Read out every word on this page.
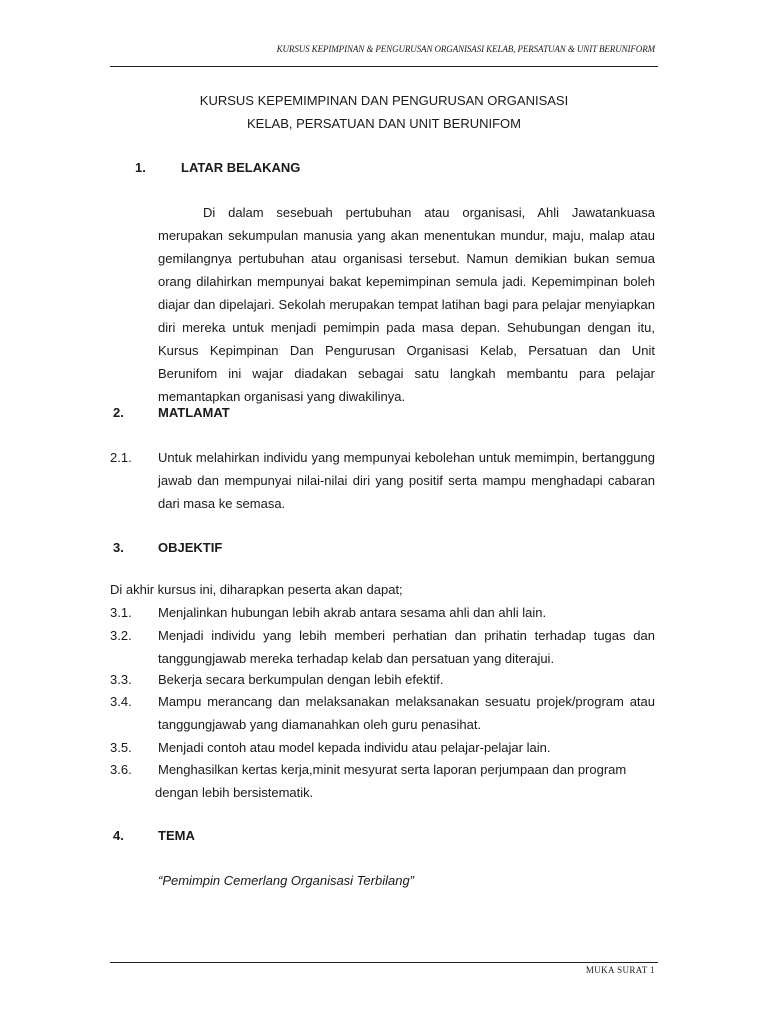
KURSUS KEPIMPINAN & PENGURUSAN ORGANISASI KELAB, PERSATUAN & UNIT BERUNIFORM
KURSUS KEPEMIMPINAN DAN PENGURUSAN ORGANISASI
KELAB, PERSATUAN DAN UNIT BERUNIFOM
1.	LATAR BELAKANG
Di dalam sesebuah pertubuhan atau organisasi, Ahli Jawatankuasa merupakan sekumpulan manusia yang akan menentukan mundur, maju, malap atau gemilangnya pertubuhan atau organisasi tersebut. Namun demikian bukan semua orang dilahirkan mempunyai bakat kepemimpinan semula jadi. Kepemimpinan boleh diajar dan dipelajari. Sekolah merupakan tempat latihan bagi para pelajar menyiapkan diri mereka untuk menjadi pemimpin pada masa depan. Sehubungan dengan itu, Kursus Kepimpinan Dan Pengurusan Organisasi Kelab, Persatuan dan Unit Berunifom ini wajar diadakan sebagai satu langkah membantu para pelajar memantapkan organisasi yang diwakilinya.
2.	MATLAMAT
2.1. Untuk melahirkan individu yang mempunyai kebolehan untuk memimpin, bertanggung jawab dan mempunyai nilai-nilai diri yang positif serta mampu menghadapi cabaran dari masa ke semasa.
3.	OBJEKTIF
Di akhir kursus ini, diharapkan peserta akan dapat;
3.1. Menjalinkan hubungan lebih akrab antara sesama ahli dan ahli lain.
3.2. Menjadi individu yang lebih memberi perhatian dan prihatin terhadap tugas dan tanggungjawab mereka terhadap kelab dan persatuan yang diterajui.
3.3. Bekerja secara berkumpulan dengan lebih efektif.
3.4. Mampu merancang dan melaksanakan melaksanakan sesuatu projek/program atau tanggungjawab yang diamanahkan oleh guru penasihat.
3.5. Menjadi contoh atau model kepada individu atau pelajar-pelajar lain.
3.6. Menghasilkan kertas kerja,minit mesyurat serta laporan perjumpaan dan program
dengan lebih bersistematik.
4.	TEMA
“Pemimpin Cemerlang Organisasi Terbilang”
MUKA SURAT 1
